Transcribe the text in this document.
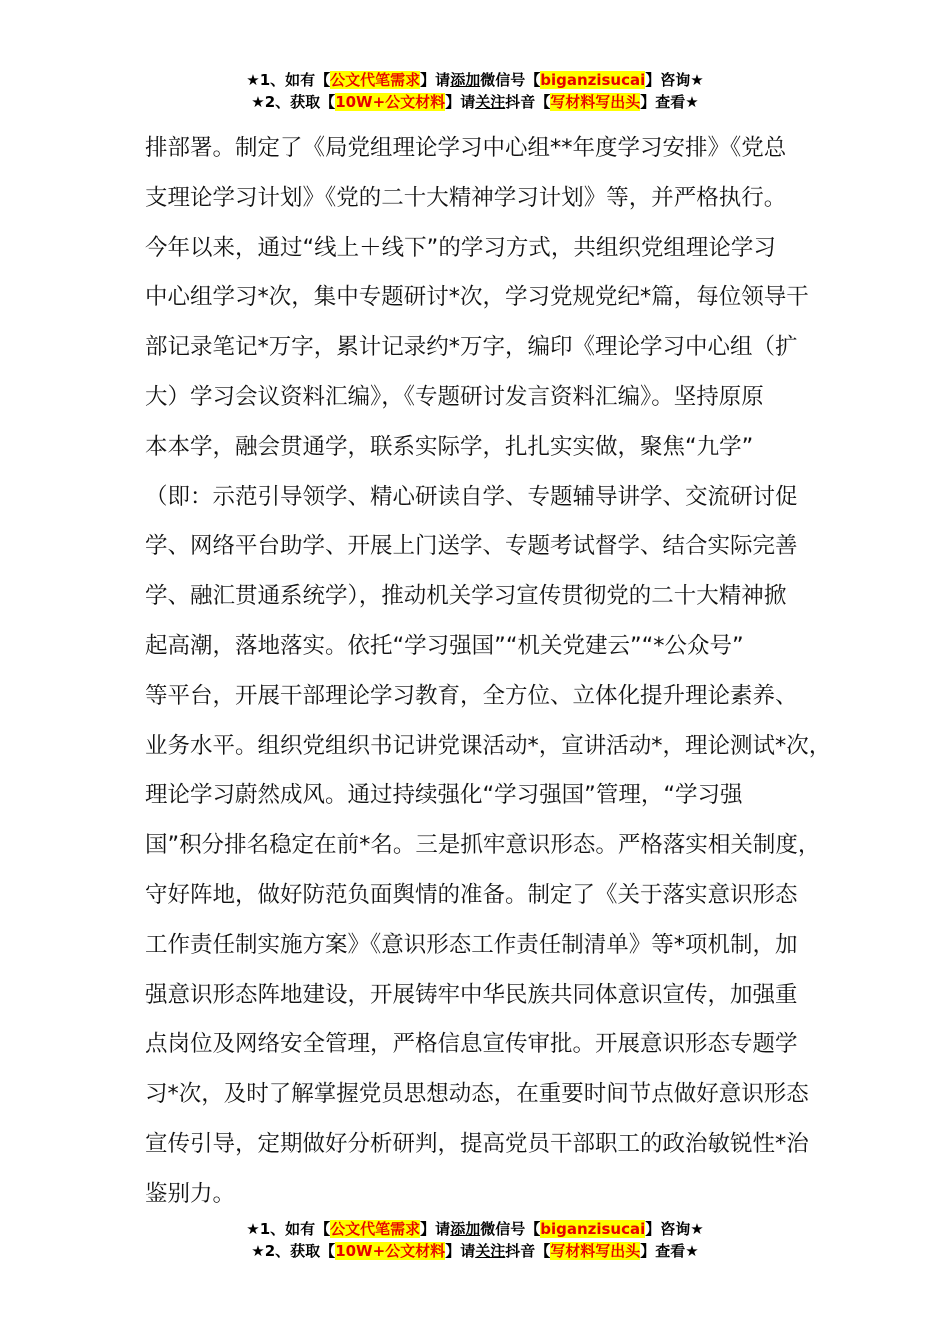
★1、如有【公文代笔需求】请添加微信号【biganzisucai】咨询★
★2、获取【10W+公文材料】请关注抖音【写材料写出头】查看★
排部署。制定了《局党组理论学习中心组**年度学习安排》《党总
支理论学习计划》《党的二十大精神学习计划》等，并严格执行。
今年以来，通过“线上＋线下”的学习方式，共组织党组理论学习
中心组学习*次，集中专题研讨*次，学习党规党纪*篇，每位领导干
部记录笔记*万字，累计记录约*万字，编印《理论学习中心组（扩
大）学习会议资料汇编》，《专题研讨发言资料汇编》。坚持原原
本本学，融会贯通学，联系实际学，扎扎实实做，聚焦“九学”
（即：示范引导领学、精心研读自学、专题辅导讲学、交流研讨促
学、网络平台助学、开展上门送学、专题考试督学、结合实际完善
学、融汇贯通系统学），推动机关学习宣传贯彻党的二十大精神掀
起高潮，落地落实。依托“学习强国”“机关党建云”“*公众号”
等平台，开展干部理论学习教育，全方位、立体化提升理论素养、
业务水平。组织党组织书记讲党课活动*，宣讲活动*，理论测试*次，
理论学习蔚然成风。通过持续强化“学习强国”管理，“学习强
国”积分排名稳定在前*名。三是抓牢意识形态。严格落实相关制度，
守好阵地，做好防范负面舆情的准备。制定了《关于落实意识形态
工作责任制实施方案》《意识形态工作责任制清单》等*项机制，加
强意识形态阵地建设，开展铸牢中华民族共同体意识宣传，加强重
点岗位及网络安全管理，严格信息宣传审批。开展意识形态专题学
习*次，及时了解掌握党员思想动态，在重要时间节点做好意识形态
宣传引导，定期做好分析研判，提高党员干部职工的政治敏锐性*治
鉴别力。
★1、如有【公文代笔需求】请添加微信号【biganzisucai】咨询★
★2、获取【10W+公文材料】请关注抖音【写材料写出头】查看★
